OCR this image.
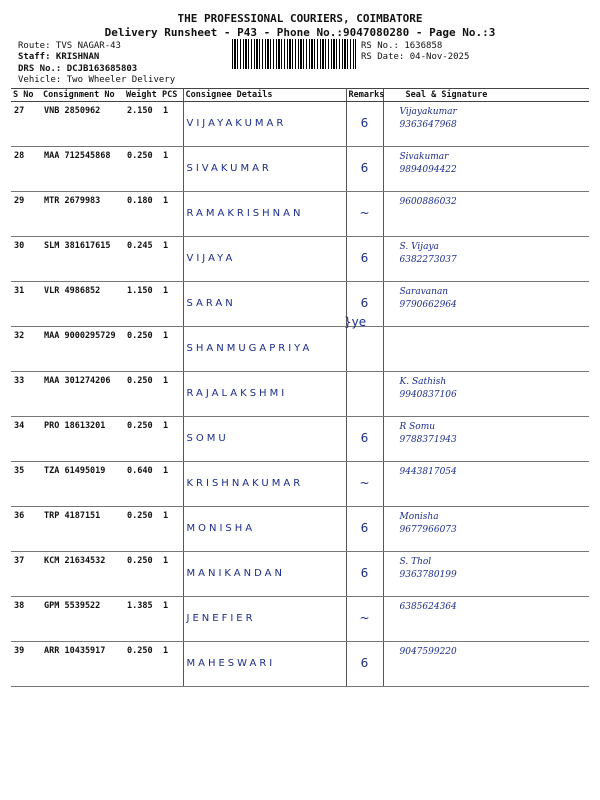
THE PROFESSIONAL COURIERS, COIMBATORE
Delivery Runsheet - P43 - Phone No.:9047080280 - Page No.:3
Route: TVS NAGAR-43
Staff: KRISHNAN
DRS No.: DCJB163685803
Vehicle: Two Wheeler Delivery
RS No.: 1636858
RS Date: 04-Nov-2025
S No	Consignment No	Weight	PCS	Consignee Details	Remarks	Seal & Signature
27	VNB 2850962	2.150	1	VIJAYAKUMAR	6	Vijayakumar
9363647968

28	MAA 712545868	0.250	1	SIVAKUMAR	6	Sivakumar
9894094422

29	MTR 2679983	0.180	1	RAMAKRISHNAN	~	9600886032

30	SLM 381617615	0.245	1	VIJAYA	6	S. Vijaya
6382273037

31	VLR 4986852	1.150	1	SARAN	6	Saravanan
9790662964

32	MAA 9000295729	0.250	1	SHANMUGAPRIYA		

33	MAA 301274206	0.250	1	RAJALAKSHMI		K. Sathish
9940837106

34	PRO 18613201	0.250	1	SOMU	6	R Somu
9788371943

35	TZA 61495019	0.640	1	KRISHNAKUMAR	~	9443817054

36	TRP 4187151	0.250	1	MONISHA	6	Monisha
9677966073

37	KCM 21634532	0.250	1	MANIKANDAN	6	S. Thol
9363780199

38	GPM 5539522	1.385	1	JENEFIER	~	6385624364

39	ARR 10435917	0.250	1	MAHESWARI	6	9047599220
}ye
